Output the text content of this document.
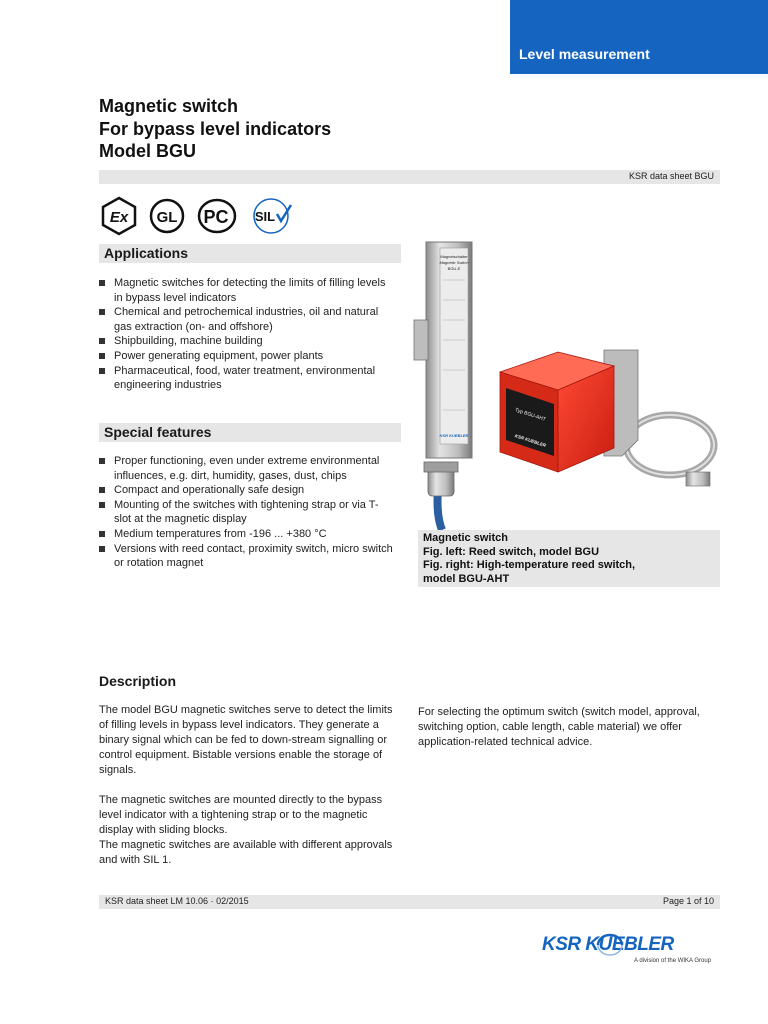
Level measurement
Magnetic switch
For bypass level indicators
Model BGU
KSR data sheet BGU
Ex GL PC SIL
Applications
Magnetic switches for detecting the limits of filling levels in bypass level indicators
Chemical and petrochemical industries, oil and natural gas extraction (on- and offshore)
Shipbuilding, machine building
Power generating equipment, power plants
Pharmaceutical, food, water treatment, environmental engineering industries
Special features
Proper functioning, even under extreme environmental influences, e.g. dirt, humidity, gases, dust, chips
Compact and operationally safe design
Mounting of the switches with tightening strap or via T-slot at the magnetic display
Medium temperatures from -196 ... +380 °C
Versions with reed contact, proximity switch, micro switch or rotation magnet
Magnetschalter
Magnetic Switch
BGU-E
KSR KUEBLER
Typ BGU-AHT
KSR KUEBLER
Magnetic switch
Fig. left: Reed switch, model BGU
Fig. right: High-temperature reed switch,
model BGU-AHT
Description

The model BGU magnetic switches serve to detect the limits of filling levels in bypass level indicators. They generate a binary signal which can be fed to down-stream signalling or control equipment. Bistable versions enable the storage of signals.

The magnetic switches are mounted directly to the bypass level indicator with a tightening strap or to the magnetic display with sliding blocks.
The magnetic switches are available with different approvals and with SIL 1.

For selecting the optimum switch (switch model, approval, switching option, cable length, cable material) we offer application-related technical advice.

KSR data sheet LM 10.06 · 02/2015	Page 1 of 10
KSR KUEBLER
A division of the WIKA Group
